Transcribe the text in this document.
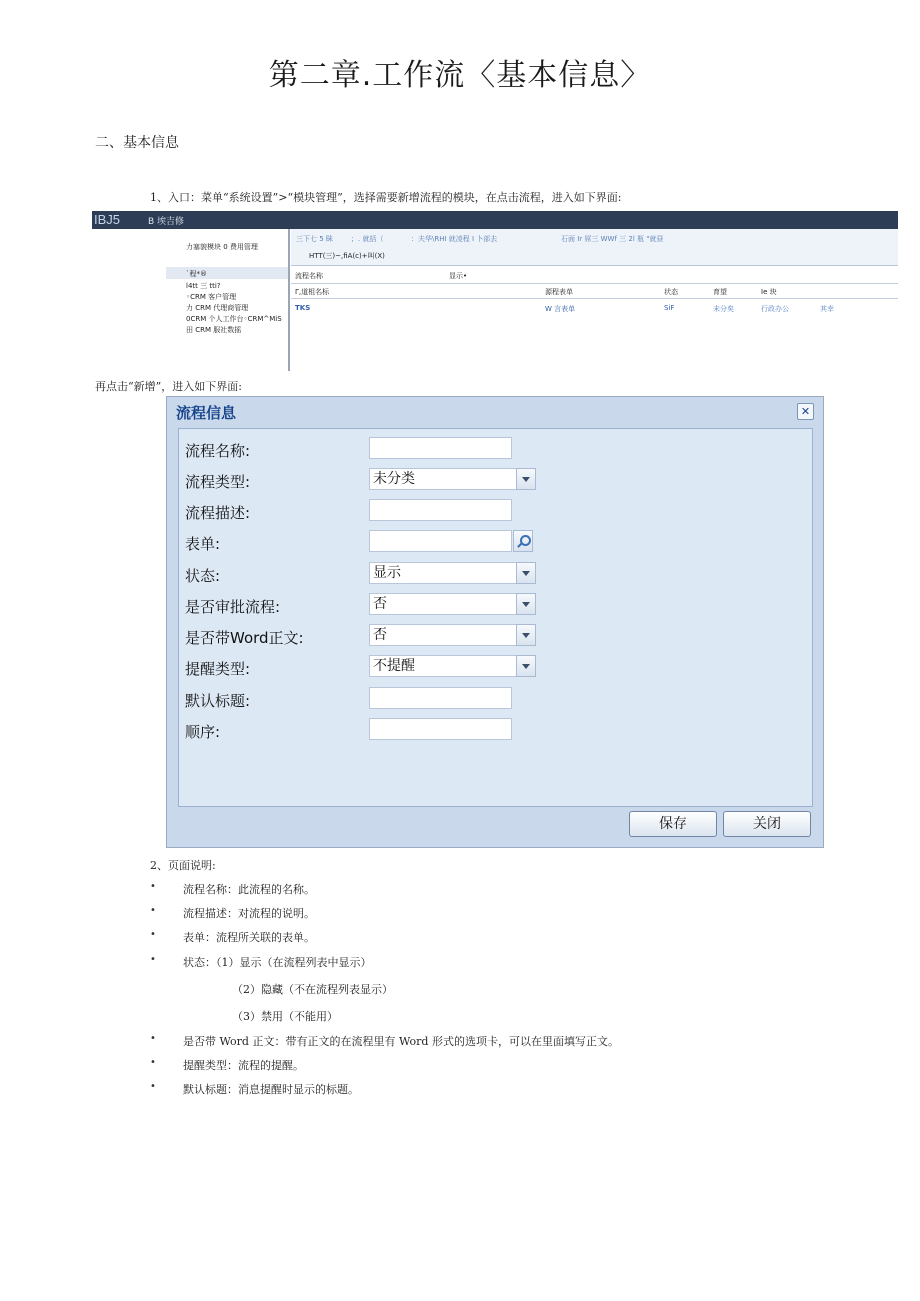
第二章.工作流〈基本信息〉
二、基本信息
1、入口：菜单“系统设置”>“模块管理”，选择需要新增流程的模块，在点击流程，进入如下界面:
IBJ5	B 埃吉修
力塞貌模块 0 费用管理
`程*®
l4tt 三 tti?
◦CRM 客户管理
力 CRM 代理商管理
0CRM 个人工作台◦CRM^MiS
田 CRM 服社数摇
三下七 5 眛	；. 就括（	：夫华\RHI 就凌程 I 卜部去	石面 Ir 屌三 WWf 三 2l 瓶 "就昼
HTT(三)~,fiA(c)+叫(X)
流程名称	显示•
Γ,道柤名标	源程表单	状态	育望	Ie 块
TKS	W 言表单	SiF	未分矣	行政办公	其幸
再点击“新增”，进入如下界面:
流程信息	✕
流程名称:
流程类型:	未分类
流程描述:
表单:
状态:	显示
是否审批流程:	否
是否带Word正文:	否
提醒类型:	不提醒
默认标题:
顺序:
保存	关闭
2、页面说明:
• 流程名称：此流程的名称。
• 流程描述：对流程的说明。
• 表单：流程所关联的表单。
• 状态：（1）显示（在流程列表中显示）
（2）隐藏（不在流程列表显示）
（3）禁用（不能用）
• 是否带 Word 正文：带有正文的在流程里有 Word 形式的选项卡，可以在里面填写正文。
• 提醒类型：流程的提醒。
• 默认标题：消息提醒时显示的标题。
